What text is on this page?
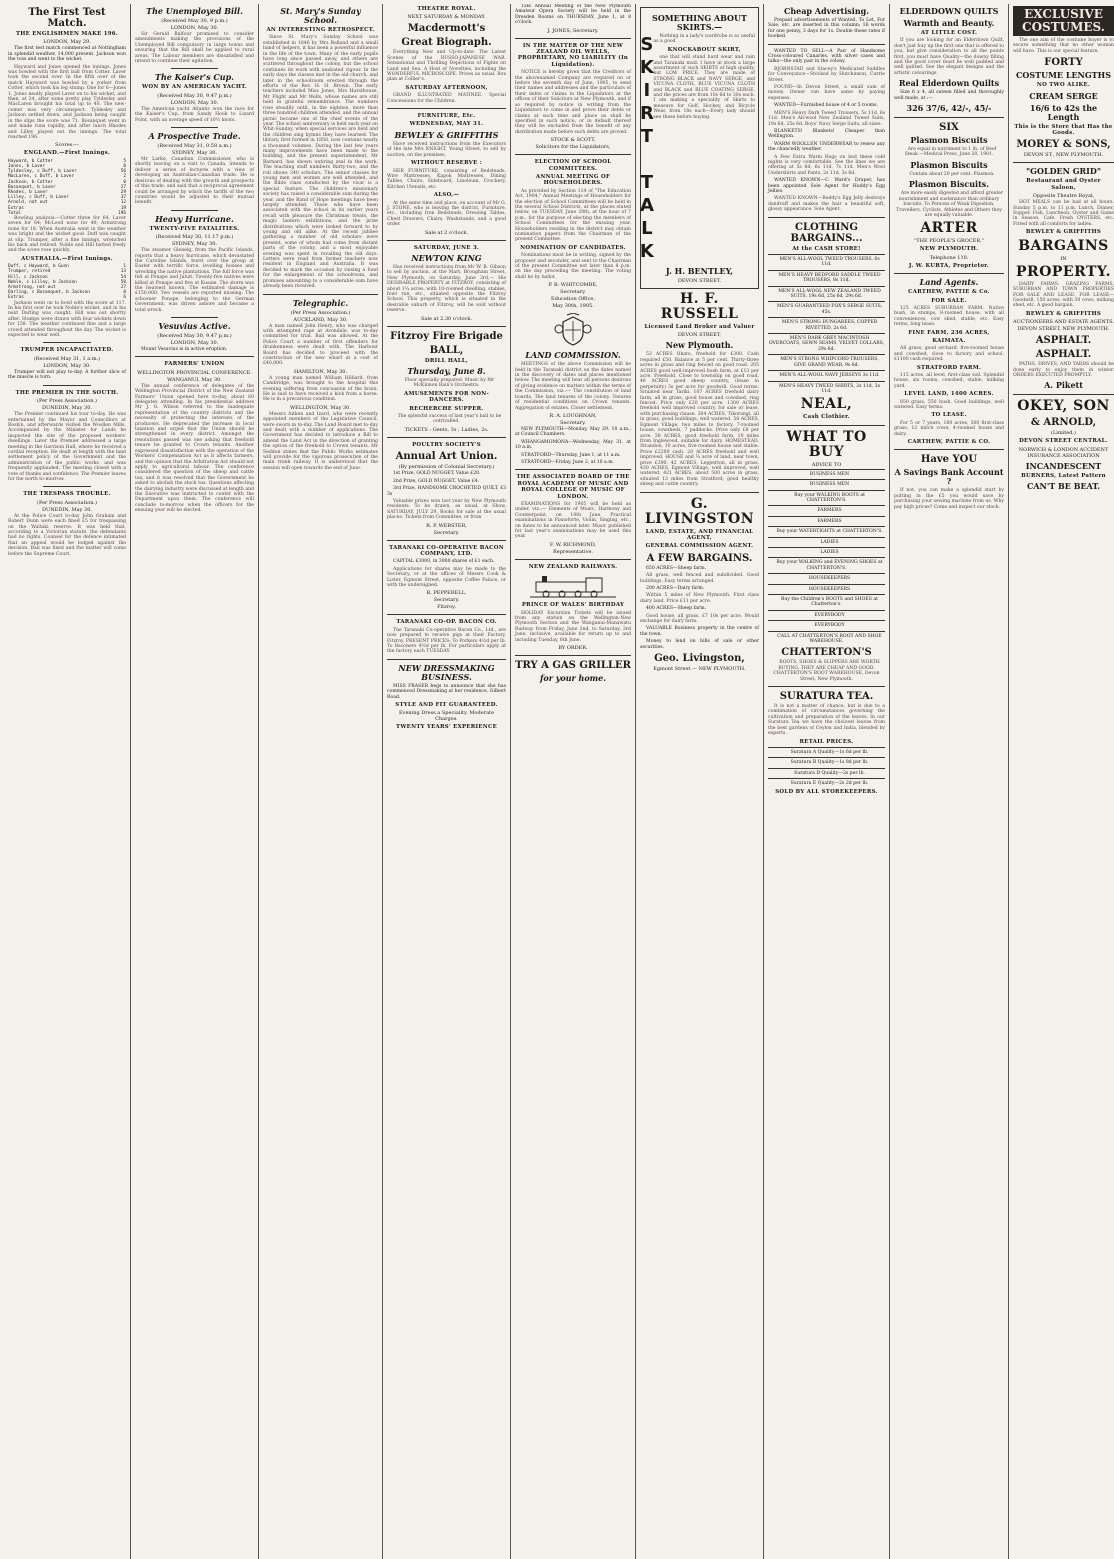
The First Test Match.
THE ENGLISHMEN MAKE 196.
LONDON, May 29.
The first test match commenced at Nottingham in splendid weather, 14,000 present. Jackson won the toss and went to the wicket.
Hayward and Jones opened the innings. Jones was bowled with the first ball from Cotter. Laver took the second over. In the fifth over of the match Hayward was bowled by a yorker from Cotter, which took his leg stump. One for 6—Jones 1. Jones neatly played Laver on to his wicket, and then, at 24, after some pretty play Tyldesley and MacLaren brought his total up to 40. The new-comer was very circumspect. Tyldesley and Jackson settled down, and Jackson being caught in the slips the score was 71. Bosanquet went in and made runs rapidly, and after lunch Rhodes and Lilley played out the innings. The total reached 196.
Scores:—
ENGLAND.—First Innings.
Hayward, b Cotter	5
Jones, b Laver	0
Tyldesley, c Duff, b Laver	56
MacLaren, c Duff, b Laver	2
Jackson, b Cotter	0
Bosanquet, b Laver	27
Rhodes, b Laver	29
Lilley, c Duff, b Laver	37
Arnold, not out	12
Extras	19
Total	196
Bowling analysis:—Cotter three for 64; Laver seven for 64; McLeod none for 40; Armstrong none for 18. When Australia went in the weather was bright and the wicket good. Duff was caught at slip. Trumper, after a fine innings, wrenched his back and retired. Noble and Hill batted freely and the score rose quickly.
AUSTRALIA.—First Innings.
Duff, c Hayward, b Gunn	1
Trumper, retired	13
Hill, c Jackson	54
Noble, c Lilley, b Jackson	50
Armstrong, not out	27
Darling, c Bosanquet, b Jackson	0
Extras	6
Jackson went on to bowl with the score at 117. In his first over he took Noble's wicket, and in his next Darling was caught. Hill was out shortly after. Stumps were drawn with four wickets down for 158. The weather continued fine and a large crowd attended throughout the day. The wicket is expected to wear well.
TRUMPER INCAPACITATED.
(Received May 31, 1 a.m.)
LONDON, May 30.
Trumper will not play to-day. A further slice of the muscle is torn.
THE PREMIER IN THE SOUTH.
(Per Press Association.)
DUNEDIN, May 30.
The Premier continued his tour to-day. He was entertained by the Mayor and Councillors at Roslyn, and afterwards visited the Woollen Mills. Accompanied by the Minister for Lands he inspected the site of the proposed workers' dwellings. Later the Premier addressed a large meeting in the Garrison Hall, where he received a cordial reception. He dealt at length with the land settlement policy of the Government and the administration of the public works, and was frequently applauded. The meeting closed with a vote of thanks and confidence. The Premier leaves for the north to-morrow.
THE TRESPASS TROUBLE.
(Per Press Association.)
DUNEDIN, May 30.
At the Police Court to-day John Graham and Robert Dunn were each fined £5 for trespassing on the Waitaki reserve. It was held that, according to a Victorian statute, the defendants had no rights. Counsel for the defence intimated that an appeal would be lodged against the decision. Bail was fixed and the matter will come before the Supreme Court.
The Unemployed Bill.
(Received May 30, 9 p.m.)
LONDON, May 30.
Sir Gerald Balfour promised to consider amendments making the provisions of the Unemployed Bill compulsory in large towns and ensuring that the Bill shall be applied to rural areas. The Labour members are dissatisfied and intend to continue their agitation.
The Kaiser's Cup.
WON BY AN AMERICAN YACHT.
(Received May 30, 9.47 p.m.)
LONDON, May 30.
The American yacht Atlantic won the race for the Kaiser's Cup, from Sandy Hook to Lizard Point, with an average speed of 10½ knots.
A Prospective Trade.
(Received May 31, 0.58 a.m.)
SYDNEY, May 30.
Mr Larke, Canadian Commissioner, who is shortly leaving on a visit to Canada, intends to deliver a series of lectures with a view of developing an Australian-Canadian trade. He is desirous of dealing with the growth and prospects of this trade, and said that a reciprocal agreement could be arranged by which the tariffs of the two countries would be adjusted to their mutual benefit.
Heavy Hurricane.
TWENTY-FIVE FATALITIES.
(Received May 30, 11.17 p.m.)
SYDNEY, May 30.
The steamer Glenelg, from the Pacific Islands, reports that a heavy hurricane, which devastated the Caroline Islands, burst over the group at Easter with terrific force, levelling houses and wrecking the native plantations. The full force was felt at Ponape and Jaluit. Twenty-five natives were killed at Ponape and five at Kusaie. The storm was the heaviest known. The estimated damage is £150,000. Two vessels are reported missing. The schooner Ponape, belonging to the German Government, was driven ashore and became a total wreck.
Vesuvius Active.
(Received May 30, 9.47 p.m.)
LONDON, May 30.
Mount Vesuvius is in active eruption.
FARMERS' UNION
WELLINGTON PROVINCIAL CONFERENCE.
WANGANUI, May 30.
The annual conference of delegates of the Wellington Provincial District of the New Zealand Farmers' Union opened here to-day, about 60 delegates attending. In his presidential address Mr J. G. Wilson referred to the inadequate representation of the country districts and the necessity of protecting the interests of the producers. He deprecated the increase in local taxation and urged that the Union should be strengthened in every district. Amongst the resolutions passed was one asking that freehold tenure be granted to Crown tenants. Another expressed dissatisfaction with the operation of the Workers' Compensation Act as it affects farmers, and the opinion that the Arbitration Act should not apply to agricultural labour. The conference considered the question of the sheep and cattle tax, and it was resolved that the Government be asked to abolish the stock tax. Questions affecting the dairying industry were discussed at length and the Executive was instructed to confer with the Department upon them. The conference will conclude to-morrow when the officers for the ensuing year will be elected.
St. Mary's Sunday School.
AN INTERESTING RETROSPECT.
Since St. Mary's Sunday School was established in 1846 by Mrs Bolland and a small band of helpers, it has been a powerful influence in the life of the town. Many of the early pupils have long since passed away, and others are scattered throughout the colony, but the school continues its work with unabated vigour. In the early days the classes met in the old church, and later in the schoolroom erected through the efforts of the Rev. H. H. Brown. The early teachers included Miss Jones, Mrs Hursthouse, Mr Flight and Mr Wells, whose names are still held in grateful remembrance. The numbers rose steadily until, in the eighties, more than three hundred children attended, and the annual picnic became one of the chief events of the year. The school anniversary is held each year on Whit-Sunday, when special services are held and the children sing hymns they have learned. The library, first formed in 1858, now contains nearly a thousand volumes. During the last few years many improvements have been made to the building, and the present superintendent, Mr Barnard, has shown untiring zeal in the work. The teaching staff numbers thirty-two, and the roll shows 340 scholars. The senior classes for young men and women are well attended, and the Bible class conducted by the vicar is a special feature. The children's missionary society has raised a considerable sum during the year, and the Band of Hope meetings have been largely attended. Those who have been associated with the school in its earlier years recall with pleasure the Christmas treats, the magic lantern exhibitions, and the prize distributions which were looked forward to by young and old alike. At the recent jubilee gathering a number of old scholars were present, some of whom had come from distant parts of the colony, and a most enjoyable evening was spent in recalling the old days. Letters were read from former teachers now resident in England and Australia. It was decided to mark the occasion by raising a fund for the enlargement of the schoolroom, and promises amounting to a considerable sum have already been received.
Telegraphic.
(Per Press Association.)
AUCKLAND, May 30.
A man named John Henry, who was charged with attempted rape at Avondale, was to-day committed for trial. Bail was allowed. At the Police Court a number of first offenders for drunkenness were dealt with. The Harbour Board has decided to proceed with the construction of the new wharf at a cost of £40,000.
HAMILTON, May 30.
A young man named William Hilliard, from Cambridge, was brought to the hospital this evening suffering from concussion of the brain. He is said to have received a kick from a horse. He is in a precarious condition.
WELLINGTON, May 30.
Messrs Aitken and Izard, who were recently appointed members of the Legislative Council, were sworn in to-day. The Land Board met to-day and dealt with a number of applications. The Government has decided to introduce a Bill to amend the Land Act in the direction of granting the option of the freehold to Crown tenants. Mr Seddon states that the Public Works estimates will provide for the vigorous prosecution of the main trunk railway. It is understood that the session will open towards the end of June.
THEATRE ROYAL.
NEXT SATURDAY & MONDAY.
Macdermott's
Great Biograph.
Everything New and Up-to-date. The Latest Scenes of the RUSSO-JAPANESE WAR. Sensational and Thrilling Depictions of Fights on Land and Sea. A Host of Novelties, including the WONDERFUL MICROSCOPE. Prices as usual. Box plan at Collier's.
SATURDAY AFTERNOON,
GRAND ILLUSTRATED MATINEE. Special Concessions for the Children.
FURNITURE, Etc.
WEDNESDAY, MAY 31.
BEWLEY & GRIFFITHS
Have received instructions from the Executors of the late Mrs KNIGHT, Young Street, to sell by auction, on the premises,
WITHOUT RESERVE :
HER FURNITURE, consisting of Bedsteads, Wire Mattresses, Kapok Mattresses, Dining Tables, Chairs, Sideboard, Linoleum, Crockery, Kitchen Utensils, etc.
ALSO,—
At the same time and place, on account of Mr G. J. STONE, who is leaving the district, Furniture, etc., including Iron Bedsteads, Dressing Tables, Chest Drawers, Chairs, Washstands, and a good order.
Sale at 2 o'clock.
SATURDAY, JUNE 3.
NEWTON KING
Has received instructions from Mr W. B. Gibson to sell by auction, at the Mart, Brougham Street, New Plymouth, on Saturday, June 3rd,— His DESIRABLE PROPERTY at FITZROY, consisting of about 1¼ acres, with 10-roomed dwelling, stables, fowl run, etc., situated opposite the Fitzroy School. This property, which is situated in the desirable suburb of Fitzroy, will be sold without reserve.
Sale at 2.30 o'clock.
Fitzroy Fire Brigade
BALL,
DRILL HALL,
Thursday, June 8.
Floor specially prepared. Music by Mr McKinnon Bain's Orchestra.
AMUSEMENTS FOR NON-DANCERS.
RECHERCHE SUPPER.
The splendid success of last year's ball to be outrivalled.
TICKETS : Gents, 3s ; Ladies, 2s.
POULTRY SOCIETY'S
Annual Art Union.
(By permission of Colonial Secretary.)
1st Prize, GOLD NUGGET, Value £20.
2nd Prize, GOLD NUGGET, Value £4.
3rd Prize, HANDSOME CROCHETED QUILT, £3 3s
Valuable prizes won last year by New Plymouth residents. To be drawn, as usual, at Show, SATURDAY, JULY 29. Books for sale at the usual places. Tickets from Committee, or from
R. P. WEBSTER,
Secretary.
TARANAKI CO-OPERATIVE BACON COMPANY, LTD.
CAPITAL £3000, in 3000 shares of £1 each.
Applications for shares may be made to the Secretary, or at the offices of Messrs Cook & Lister, Egmont Street, opposite Coffee Palace, or with the undersigned.
R. PEPPERELL,
Secretary.
Fitzroy.
TARANAKI CO-OP. BACON CO.
The Taranaki Co-operative Bacon Co., Ltd., are now prepared to receive pigs at their Factory, Fitzroy. PRESENT PRICES: To Porkers 4½d per lb. To Baconers 4½d per lb. For particulars apply at the factory each TUESDAY.
NEW DRESSMAKING BUSINESS.
MISS FRASER begs to announce that she has commenced Dressmaking at her residence, Gilbert Road.
STYLE AND FIT GUARANTEED.
Evening Dress a Speciality. Moderate Charges.
TWENTY YEARS' EXPERIENCE
THE Annual Meeting of the New Plymouth Amateur Opera Society will be held in the Dresden Rooms on THURSDAY, June 1, at 8 o'clock.
J. JONES, Secretary.
IN THE MATTER OF THE NEW ZEALAND OIL WELLS, PROPRIETARY, NO LIABILITY (In Liquidation).
NOTICE is hereby given that the Creditors of the abovenamed Company are required on or before the seventh day of June, 1905, to send their names and addresses and the particulars of their debts or claims to the Liquidators at the offices of their Solicitors at New Plymouth, and if so required by notice in writing from the Liquidators to come in and prove their debts or claims at such time and place as shall be specified in such notice, or in default thereof they will be excluded from the benefit of any distribution made before such debts are proved.
STOCK & SCOTT,
Solicitors for the Liquidators,
ELECTION OF SCHOOL COMMITTEES.
ANNUAL MEETING OF HOUSEHOLDERS.
As provided by Section 114 of "The Education Act, 1904," Annual Meetings of Householders for the election of School Committees will be held in the several School Districts, at the places stated below, on TUESDAY, June 20th, at the hour of 7 p.m., for the purpose of electing the members of School Committees for the ensuing year. Householders residing in the district may obtain nomination papers from the Chairman of the present Committee.
NOMINATION OF CANDIDATES.
Nominations must be in writing, signed by the proposer and seconder, and sent to the Chairman of the present Committee not later than 8 p.m. on the day preceding the meeting. The voting shall be by ballot.
P. B. WHITCOMBE,
Secretary.
Education Office,
May 30th, 1905.
LAND COMMISSION.
MEETINGS of the above Commission will be held in the Taranaki district on the dates named in the discovery of dates and places mentioned below. The meeting will hear all persons desirous of giving evidence on matters within the terms of the Commission, viz.:— The constitution of land boards. The land tenures of the colony. Tenures of residential conditions on Crown tenants. Aggregation of estates. Closer settlement.
R. A. LOUGHNAN,
Secretary.
NEW PLYMOUTH—Monday, May 29, 10 a.m., at Council Chambers.
WHANGAMOMONA—Wednesday, May 31, at 10 a.m.
STRATFORD—Thursday, June 1, at 11 a.m.
STRATFORD—Friday, June 2, at 10 a.m.
THE ASSOCIATED BOARD OF THE ROYAL ACADEMY OF MUSIC AND ROYAL COLLEGE OF MUSIC OF LONDON.
EXAMINATIONS for 1905 will be held as under, viz.:— Elements of Music, Harmony and Counterpoint, on 10th June. Practical examinations in Pianoforte, Violin, Singing, etc., on dates to be announced later. Music published for last year's examinations may be used this year.
F. W. RICHMOND,
Representative.
NEW ZEALAND RAILWAYS.
PRINCE OF WALES' BIRTHDAY
HOLIDAY Excursion Tickets will be issued from any station on the Wellington-New Plymouth Section and the Wanganui-Manawatu Railway from Friday, June 2nd, to Saturday, 3rd June, inclusive, available for return up to and including Tuesday, 6th June.
BY ORDER.
TRY A GAS GRILLER
for your home.
SOMETHING ABOUT SKIRTS.—
SKIRT TALK Nothing in a lady's wardrobe is so useful as a good
KNOCKABOUT SKIRT,
one that will stand hard wear and rain and Taranaki mud. I have in stock a large assortment of such SKIRTS of high quality, but LOW PRICE. They are made of STRONG BLACK and NAVY SERGE, and VICUNA CLOTH, BLUE VICUNA CLOTH and BLACK and BLUE COATING SERGE, and the prices are from 10s 6d to 30s each. I am making a speciality of Skirts to measure for Golf, Hockey, and Bicycle Wear, from 18s each—Every lady should see these before buying.
J. H. BENTLEY,
DEVON STREET.
H. F. RUSSELL
Licensed Land Broker and Valuer
DEVON STREET,
New Plymouth.
53 ACRES Okato, freehold for £300. Cash required £50. Balance at 5 per cent. Thirty-three acres in grass and ring fenced on good road. 205 ACRES good well-improved bush farm, at £13 per acre. Freehold. Close to township on good road. 46 ACRES good sheep country, (lease in perpetuity) 3s per acre for goodwill. Good terms. Situated near Tariki. 107 ACRES freehold dairy farm, all in grass, good house and cowshed, ring fenced. Price only £20 per acre. 1300 ACRES freehold well improved country, for sale or lease, with purchasing clause. 304 ACRES, Tikorangi, all in grass, good buildings, well watered. 58 ACRES, Egmont Village, two miles to factory, 7-roomed house, cowsheds, 7 paddocks. Price only £8 per acre. 38 ACRES, good freehold farm, 10 miles from Inglewood, suitable for dairy. HOMESTEAD, Strandon, 10 acres, five-roomed house and stable. Price £2200 cash. 20 ACRES freehold and well improved. HOUSE and ¼ acre of land, near town, price £390. 42 ACRES, Lepperton, all in grass. 430 ACRES, Egmont Village, well improved, well watered. 421 ACRES, about 500 acres in grass, situated 13 miles from Stratford; good healthy sheep and cattle country.
G. LIVINGSTON
LAND, ESTATE, AND FINANCIAL AGENT,
GENERAL COMMISSION AGENT.
A FEW BARGAINS.
650 ACRES—Sheep farm.
All grass, well fenced and subdivided. Good buildings. Easy terms arranged.
200 ACRES—Dairy farm.
Within 5 miles of New Plymouth. First class dairy land. Price £11 per acre.
400 ACRES—Sheep farm.
Good house, all grass. £7 10s per acre. Would exchange for dairy farm.
VALUABLE Business property in the centre of the town.
Money to lend on bills of sale or other securities.
Geo. Livingston,
Egmont Street — NEW PLYMOUTH.
Cheap Advertising.
Prepaid advertisements of Wanted, To Let, For Sale, etc. are inserted in this column; 16 words for one penny, 3 days for 1s. Double these rates if booked.
WANTED TO SELL—A Pair of Handsome Cross-coloured Canaries, with silver cases and talks—the only pair in the colony.
BJORNSTAD and Stacey's Medicated Saddles for Conveyance—Stocked by Hutchinson, Currie Street.
FOUND—In Devon Street, a small sum of money. Owner can have same by paying expenses.
WANTED—Furnished house of 4 or 5 rooms.
MEN'S Heavy Dark Tweed Trousers, 5s 11d, 6s 11d. Men's All-wool New Zealand Tweed Suits, 19s 6d, 25s 6d. Boys' Navy Serge Suits, all sizes.
BLANKETS! Blankets! Cheaper than Wellington.
WARM WOOLLEN UNDERWEAR to renew any the chancedly weather.
A Few Extra Warm Rugs on bed these cold nights is very comfortable. See the lines we are offering at 5s 6d, 6s 11d, 7s 11d. Men's Wool Undershirts and Pants, 2s 11d, 3s 6d.
WANTED KNOWN—C. Ward's Draper, has been appointed Sole Agent for Huddy's Egg Jellies.
WANTED KNOWN—Reddy's Egg Jelly destroys dandruff and makes the hair a beautiful soft, glossy appearance. Sole Agent.
CLOTHING BARGAINS...
At the CASH STORE!
MEN'S ALL-WOOL TWEED TROUSERS, 6s 11d.
MEN'S HEAVY BEDFORD SADDLE TWEED TROUSERS, 8s 11d.
MEN'S ALL-WOOL NEW ZEALAND TWEED SUITS, 19s 6d, 25s 6d, 29s 6d.
MEN'S GUARANTEED FOX'S SERGE SUITS, 45s.
MEN'S STRONG DUNGAREES, COPPER RIVETTED, 2s 6d.
MEN'S DARK GREY MACINTOSH OVERCOATS, SEWN SEAMS, VELVET COLLARS, 29s 6d.
MEN'S STRONG WHIPCORD TROUSERS, GIVE GRAND WEAR, 9s 6d.
MEN'S ALL-WOOL NAVY JERSEYS 3s 11d.
MEN'S HEAVY TWEED SHIRTS, 2s 11d, 3s 11d.
NEAL,
Cash Clothier.
WHAT TO BUY
ADVICE TO
BUSINESS MEN
BUSINESS MEN
Buy your WALKING BOOTS at CHATTERTON'S.
FARMERS
FARMERS
Buy your WATERTIGHTS at CHATTERTON'S.
LADIES
LADIES
Buy your WALKING and EVENING SHOES at CHATTERTON'S.
HOUSEKEEPERS
HOUSEKEEPERS
Buy the Children's BOOTS and SHOES at Chatterton's.
EVERYBODY
EVERYBODY
CALL AT CHATTERTON'S BOOT AND SHOE WAREHOUSE.
CHATTERTON'S
BOOTS, SHOES & SLIPPERS ARE WORTH BUYING. THEY ARE CHEAP AND GOOD. CHATTERTON'S BOOT WAREHOUSE, Devon Street, New Plymouth.
SURATURA TEA.
It is not a matter of chance, but is due to a combination of circumstances governing the cultivation and preparation of the leaves. In our Suratura Tea we have the choicest leaves from the best gardens of Ceylon and India, blended by experts.
RETAIL PRICES.
Suratura A Quality—1s 6d per lb.
Suratura B Quality—1s 8d per lb.
Suratura D Quality—2s per lb.
Suratura E Quality—2s 2d per lb.
SOLD BY ALL STOREKEEPERS.
ELDERDOWN QUILTS
Warmth and Beauty.
AT LITTLE COST.
If you are looking for an Elderdown Quilt, don't just buy up the first one that is offered to you, but give consideration to all the points first, you must have Quality—the downy filling and the good cover must be well padded and well quilted. See the elegant designs and the artistic colourings.
Real Elderdown Quilts
Size 6 x 4, all sateen filled and thoroughly well made, at :—
326 37/6, 42/-, 45/-
SIX
Plasmon Biscuits
Are equal in nutriment to 1 lb. of Beef Steak.—Medical Press, June 20, 1901.
Plasmon Biscuits
Contain about 20 per cent. Plasmon.
Plasmon Biscuits.
Are more easily digested and afford greater nourishment and sustenance than ordinary biscuits. To Persons of Weak Digestion, Travellers, Cyclists, Athletes and Others they are equally valuable.
ARTER
"THE PEOPLE'S GROCER,"
NEW PLYMOUTH.
Telephone 110.
J. W. KURTA, Proprietor.
Land Agents.
CARTHEW, PATTIE & Co.
FOR SALE.
125 ACRES SUBURBAN FARM. Native bush, in stumps, 8-roomed house, with all conveniences, cow shed, stable, etc. Easy terms, long lease.
FINE FARM, 236 ACRES,
KAIMATA.
All grass, good orchard, five-roomed house and cowshed, close to factory and school. £1100 cash required.
STRATFORD FARM.
115 acres, all level, first-class soil. Splendid house, six rooms, cowshed, stable, milking yard.
LEVEL LAND, 1400 ACRES.
850 grass, 550 bush. Good buildings, well watered. Easy terms.
TO LEASE.
For 5 or 7 years, 180 acres, 500 first-class grass; 12 milch cows; 4-roomed house and dairy.
CARTHEW, PATTIE & CO.
Have YOU
A Savings Bank Account ?
If not, you can make a splendid start by putting in the £5 you would save by purchasing your sewing machine from us. Why pay high prices? Come and inspect our stock.
EXCLUSIVE
COSTUMES.
The one aim of the costume buyer is to secure something that no other woman will have. This is our special feature.
FORTY
COSTUME LENGTHS
NO TWO ALIKE.
CREAM SERGE
16/6 to 42s the Length
This is the Store that Has the Goods.
MOREY & SONS,
DEVON ST., NEW PLYMOUTH.
"GOLDEN GRID"
Restaurant and Oyster Saloon,
Opposite Theatre Royal,
HOT MEALS can be had at all hours. Sunday 5 p.m. to 11 p.m. Lunch, Dinner, Supper. Fish, Luncheon, Oyster and Game in Season. Cafe. Fresh OYSTERS, etc. Fitted with all comforts for ladies.
BEWLEY & GRIFFITHS
BARGAINS
IN
PROPERTY.
DAIRY FARMS, GRAZING FARMS, SUBURBAN AND TOWN PROPERTIES FOR SALE AND LEASE. FOR LEASE—Goodwill, 150 acres, with 30 cows, milking shed, etc. A good bargain.
BEWLEY & GRIFFITHS
AUCTIONEERS AND ESTATE AGENTS.
DEVON STREET, NEW PLYMOUTH.
ASPHALT.
ASPHALT.
PATHS, DRIVES, AND YARDS should be done early to enjoy them in winter. ORDERS EXECUTED PROMPTLY.
A. Pikett
OKEY, SON
& ARNOLD,
(Limited.)
DEVON STREET CENTRAL.
NORWICH & LONDON ACCIDENT INSURANCE ASSOCIATION
INCANDESCENT
BURNERS, Latest Pattern
CAN'T BE BEAT.
